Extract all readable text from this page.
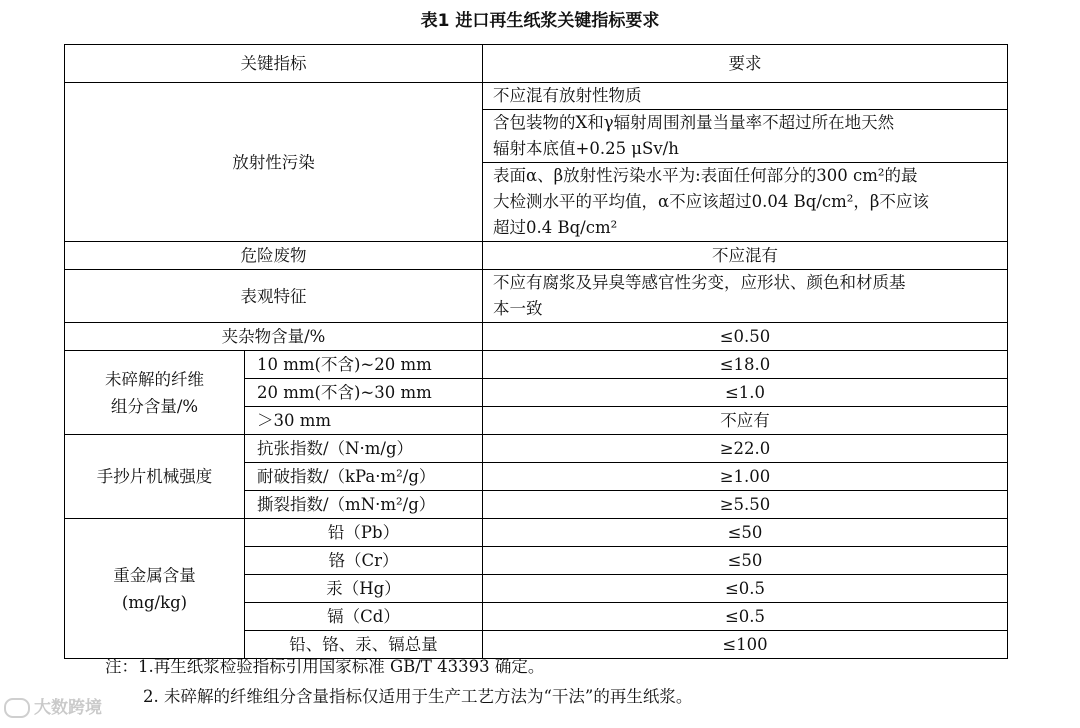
表1 进口再生纸浆关键指标要求
关键指标		要求
放射性污染		不应混有放射性物质

		含包装物的X和γ辐射周围剂量当量率不超过所在地天然
辐射本底值+0.25 μSv/h

		表面α、β放射性污染水平为:表面任何部分的300 cm²的最
大检测水平的平均值，α不应该超过0.04 Bq/cm²，β不应该
超过0.4 Bq/cm²

危险废物		不应混有
表观特征		不应有腐浆及异臭等感官性劣变，应形状、颜色和材质基
本一致

夹杂物含量/%		≤0.50

未碎解的纤维
组分含量/%	10 mm(不含)~20 mm	≤18.0
	20 mm(不含)~30 mm	≤1.0
	＞30 mm	不应有
手抄片机械强度	抗张指数/（N·m/g）	≥22.0
	耐破指数/（kPa·m²/g）	≥1.00
	撕裂指数/（mN·m²/g）	≥5.50

重金属含量
(mg/kg)	铅（Pb）	≤50
	铬（Cr）	≤50
	汞（Hg）	≤0.5
	镉（Cd）	≤0.5
	铅、铬、汞、镉总量	≤100
注：1.再生纸浆检验指标引用国家标准 GB/T 43393 确定。
2. 未碎解的纤维组分含量指标仅适用于生产工艺方法为“干法”的再生纸浆。
大数跨境
